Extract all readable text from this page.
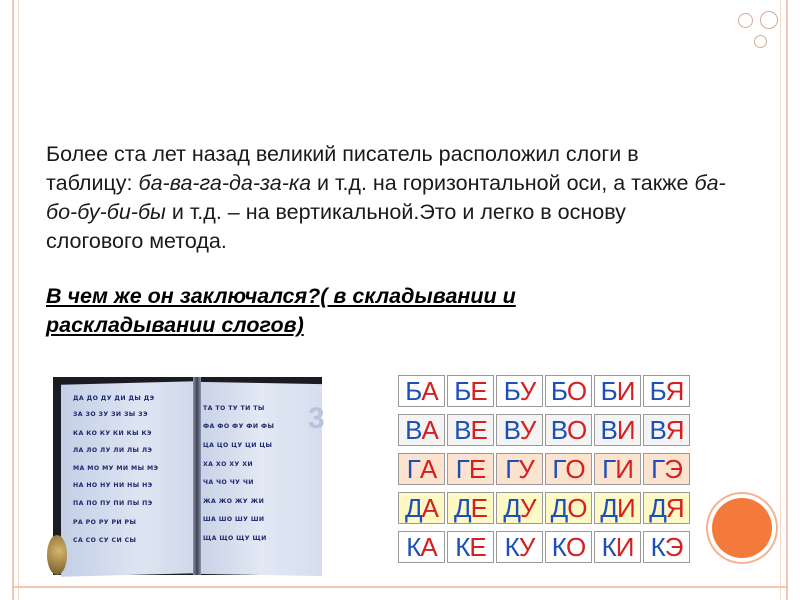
Более ста лет назад великий писатель расположил слоги в таблицу: ба-ва-га-да-за-ка и т.д. на горизонтальной оси, а также ба-бо-бу-би-бы и т.д. – на вертикальной.Это и легко в основу слогового метода.
В чем же он заключался?( в складывании и раскладывании слогов)
3
ДА ДО ДУ ДИ ДЫ ДЭ
ЗА ЗО ЗУ ЗИ ЗЫ ЗЭ
КА КО КУ КИ КЫ КЭ
ЛА ЛО ЛУ ЛИ ЛЫ ЛЭ
МА МО МУ МИ МЫ МЭ
НА НО НУ НИ НЫ НЭ
ПА ПО ПУ ПИ ПЫ ПЭ
РА РО РУ РИ РЫ
СА СО СУ СИ СЫ
ТА ТО ТУ ТИ ТЫ
ФА ФО ФУ ФИ ФЫ
ЦА ЦО ЦУ ЦИ ЦЫ
ХА ХО ХУ ХИ
ЧА ЧО ЧУ ЧИ
ЖА ЖО ЖУ ЖИ
ША ШО ШУ ШИ
ЩА ЩО ЩУ ЩИ
Б А Б Е Б У Б О Б И Б Я
В А В Е В У В О В И В Я
Г А Г Е Г У Г О Г И Г Э
Д А Д Е Д У Д О Д И Д Я
К А К Е К У К О К И К Э
